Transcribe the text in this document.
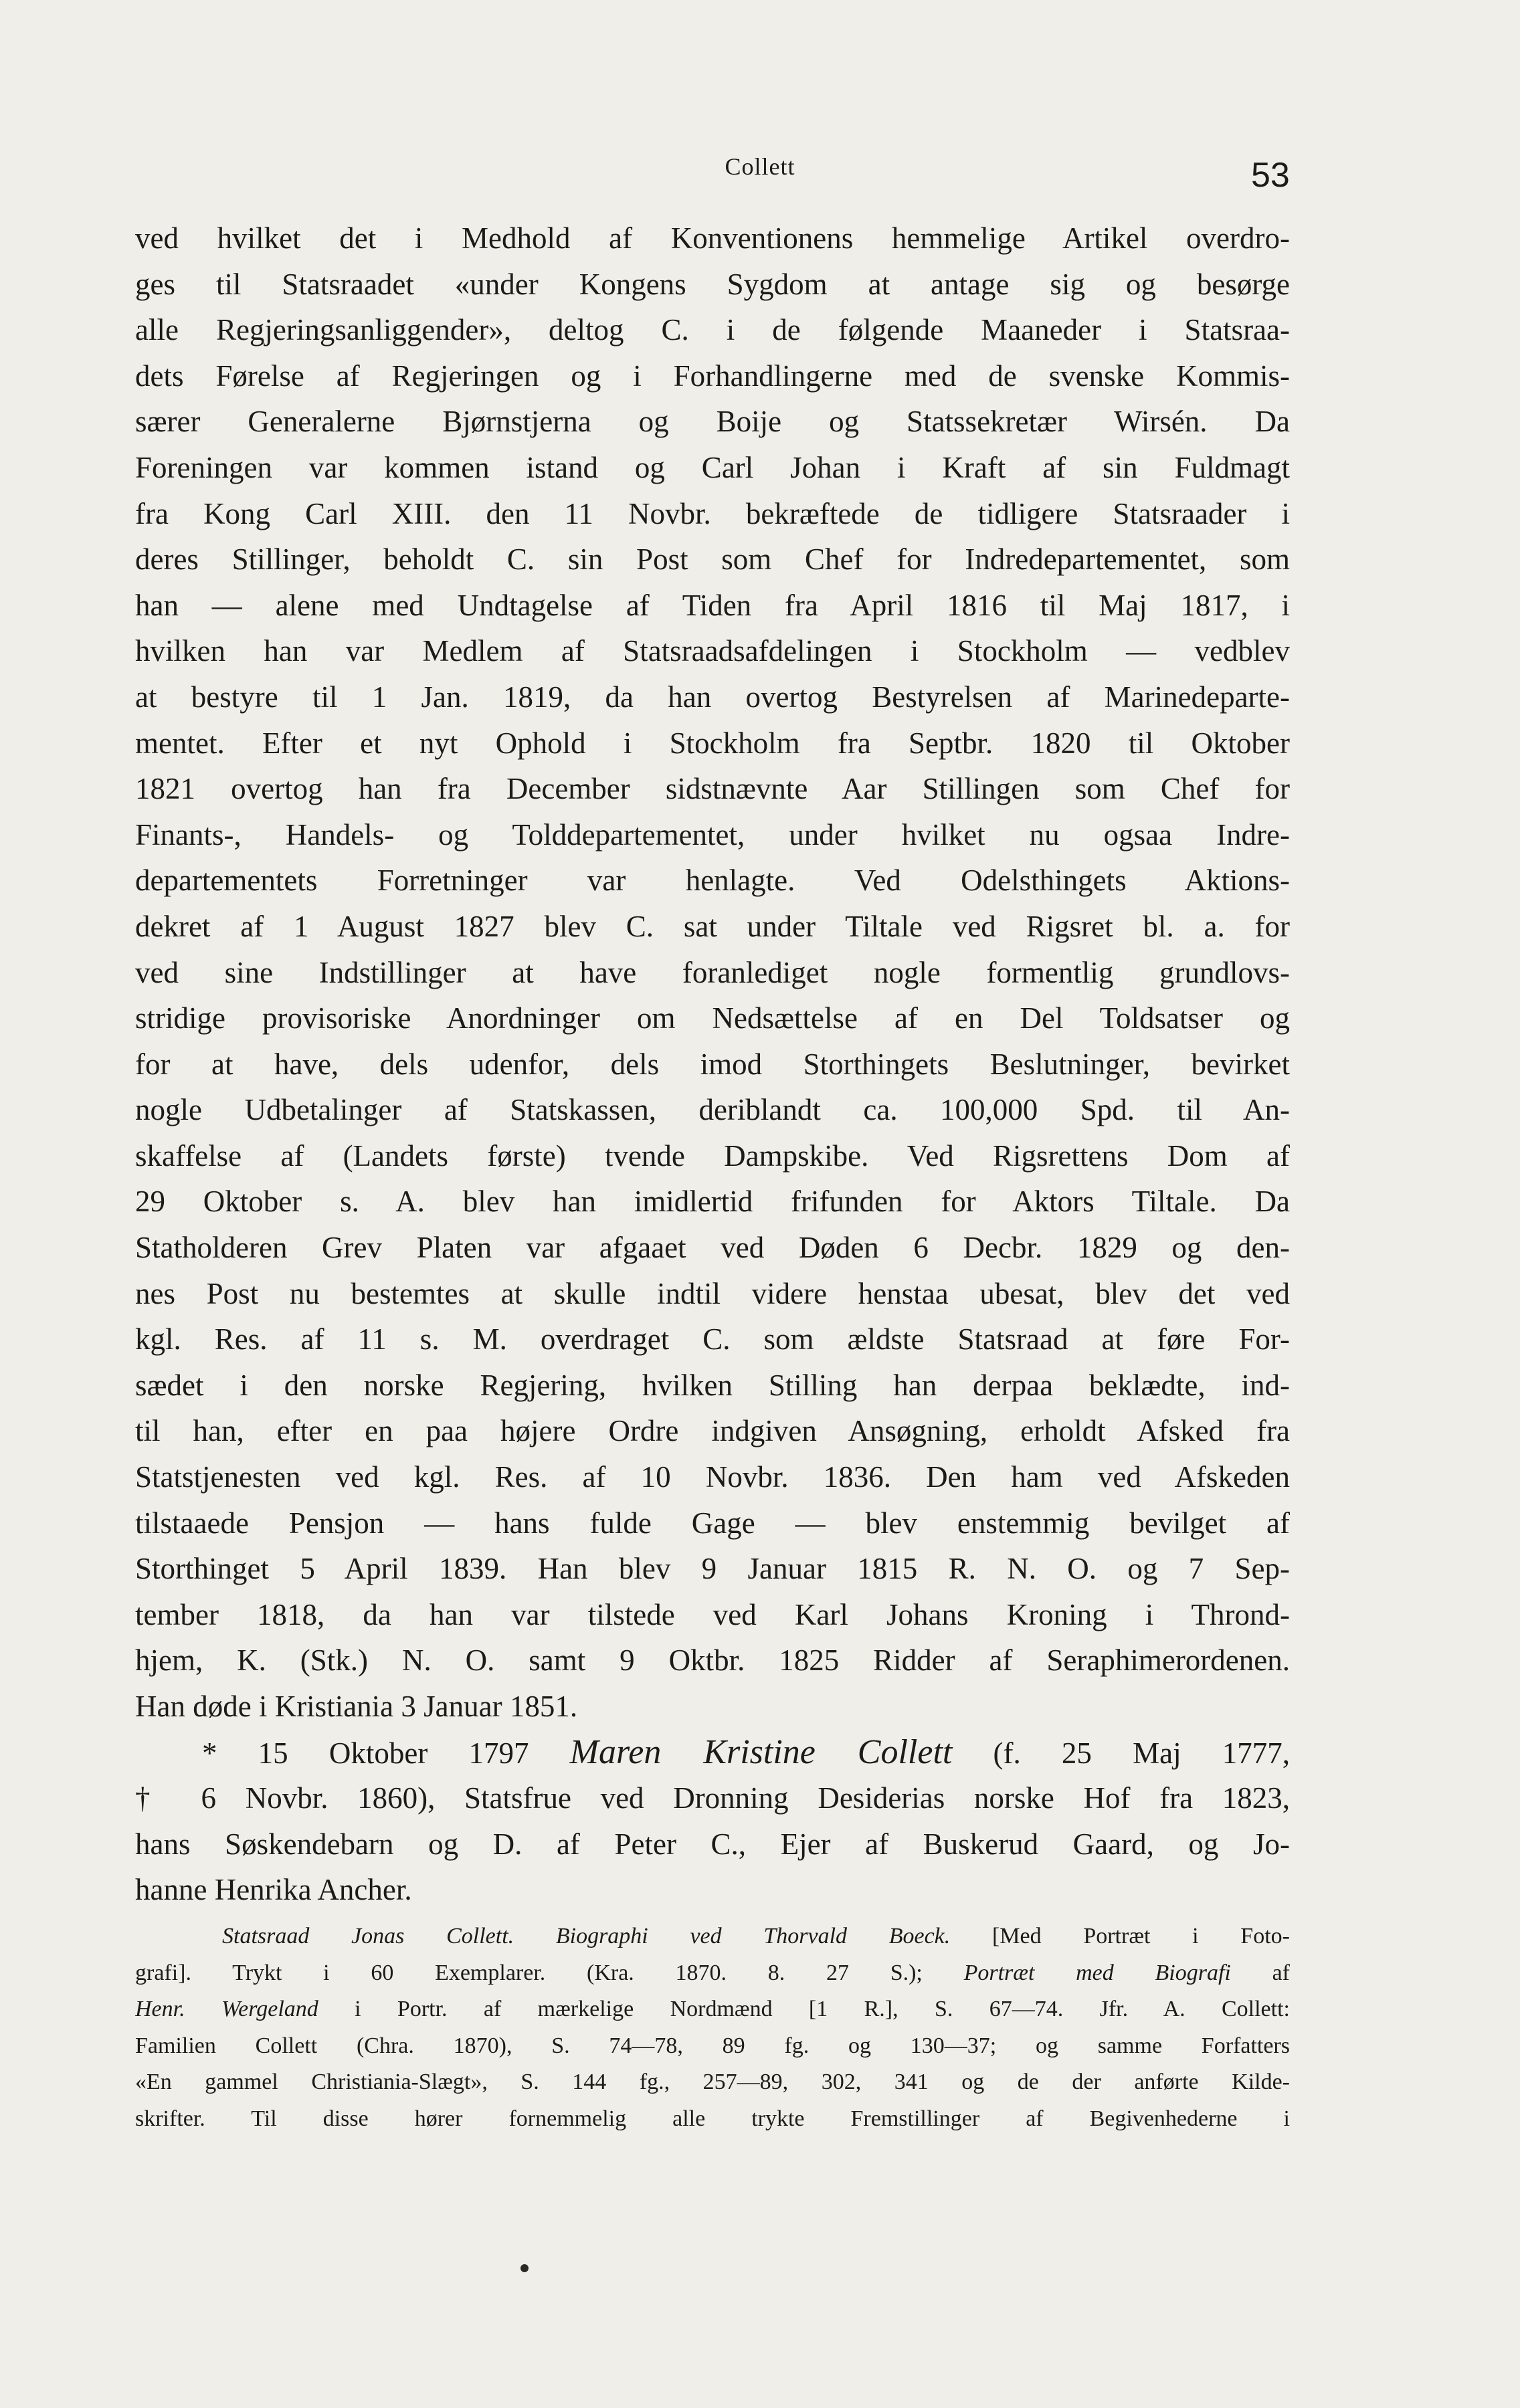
Collett	53
ved hvilket det i Medhold af Konventionens hemmelige Artikel overdro-
ges til Statsraadet «under Kongens Sygdom at antage sig og besørge
alle Regjeringsanliggender», deltog C. i de følgende Maaneder i Statsraa-
dets Førelse af Regjeringen og i Forhandlingerne med de svenske Kommis-
særer Generalerne Bjørnstjerna og Boije og Statssekretær Wirsén. Da
Foreningen var kommen istand og Carl Johan i Kraft af sin Fuldmagt
fra Kong Carl XIII. den 11 Novbr. bekræftede de tidligere Statsraader i
deres Stillinger, beholdt C. sin Post som Chef for Indredepartementet, som
han — alene med Undtagelse af Tiden fra April 1816 til Maj 1817, i
hvilken han var Medlem af Statsraadsafdelingen i Stockholm — vedblev
at bestyre til 1 Jan. 1819, da han overtog Bestyrelsen af Marinedeparte-
mentet. Efter et nyt Ophold i Stockholm fra Septbr. 1820 til Oktober
1821 overtog han fra December sidstnævnte Aar Stillingen som Chef for
Finants-, Handels- og Tolddepartementet, under hvilket nu ogsaa Indre-
departementets Forretninger var henlagte. Ved Odelsthingets Aktions-
dekret af 1 August 1827 blev C. sat under Tiltale ved Rigsret bl. a. for
ved sine Indstillinger at have foranlediget nogle formentlig grundlovs-
stridige provisoriske Anordninger om Nedsættelse af en Del Toldsatser og
for at have, dels udenfor, dels imod Storthingets Beslutninger, bevirket
nogle Udbetalinger af Statskassen, deriblandt ca. 100,000 Spd. til An-
skaffelse af (Landets første) tvende Dampskibe. Ved Rigsrettens Dom af
29 Oktober s. A. blev han imidlertid frifunden for Aktors Tiltale. Da
Statholderen Grev Platen var afgaaet ved Døden 6 Decbr. 1829 og den-
nes Post nu bestemtes at skulle indtil videre henstaa ubesat, blev det ved
kgl. Res. af 11 s. M. overdraget C. som ældste Statsraad at føre For-
sædet i den norske Regjering, hvilken Stilling han derpaa beklædte, ind-
til han, efter en paa højere Ordre indgiven Ansøgning, erholdt Afsked fra
Statstjenesten ved kgl. Res. af 10 Novbr. 1836. Den ham ved Afskeden
tilstaaede Pensjon — hans fulde Gage — blev enstemmig bevilget af
Storthinget 5 April 1839. Han blev 9 Januar 1815 R. N. O. og 7 Sep-
tember 1818, da han var tilstede ved Karl Johans Kroning i Thrond-
hjem, K. (Stk.) N. O. samt 9 Oktbr. 1825 Ridder af Seraphimerordenen.
Han døde i Kristiania 3 Januar 1851.
* 15 Oktober 1797 Maren Kristine Collett (f. 25 Maj 1777,
† 6 Novbr. 1860), Statsfrue ved Dronning Desiderias norske Hof fra 1823,
hans Søskendebarn og D. af Peter C., Ejer af Buskerud Gaard, og Jo-
hanne Henrika Ancher.
Statsraad Jonas Collett. Biographi ved Thorvald Boeck. [Med Portræt i Foto-
grafi]. Trykt i 60 Exemplarer. (Kra. 1870. 8. 27 S.); Portræt med Biografi af
Henr. Wergeland i Portr. af mærkelige Nordmænd [1 R.], S. 67—74. Jfr. A. Collett:
Familien Collett (Chra. 1870), S. 74—78, 89 fg. og 130—37; og samme Forfatters
«En gammel Christiania-Slægt», S. 144 fg., 257—89, 302, 341 og de der anførte Kilde-
skrifter. Til disse hører fornemmelig alle trykte Fremstillinger af Begivenhederne i
